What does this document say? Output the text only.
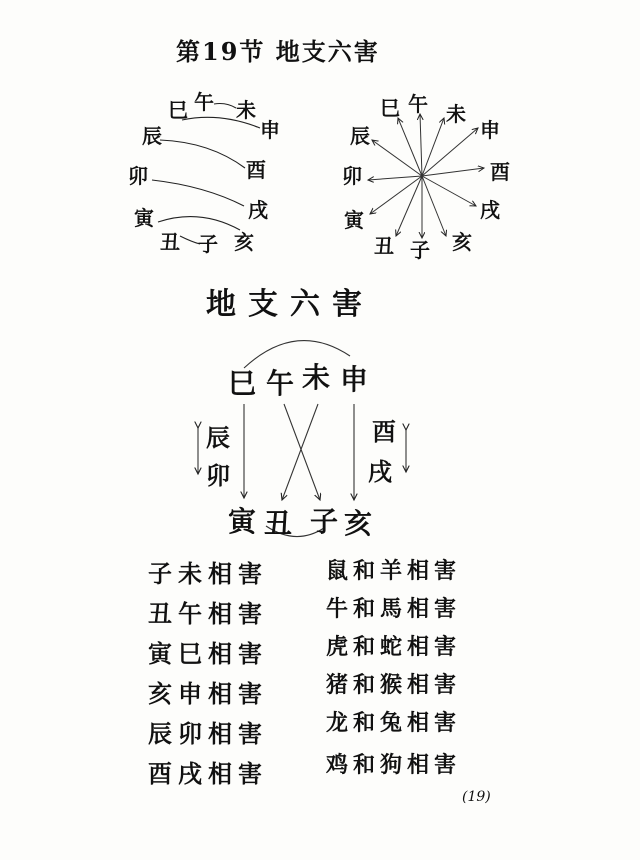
第19节 地支六害
巳 午 未
申
辰
酉
卯
戌
寅
亥
丑 子
巳 午 未
申
辰
酉
卯
戌
寅
亥
丑 子
地支六害
巳 午 未 申
辰
卯
酉
戌
寅 丑 子 亥
子未相害
丑午相害
寅巳相害
亥申相害
辰卯相害
酉戌相害
鼠和羊相害
牛和馬相害
虎和蛇相害
猪和猴相害
龙和兔相害
鸡和狗相害
(19)
